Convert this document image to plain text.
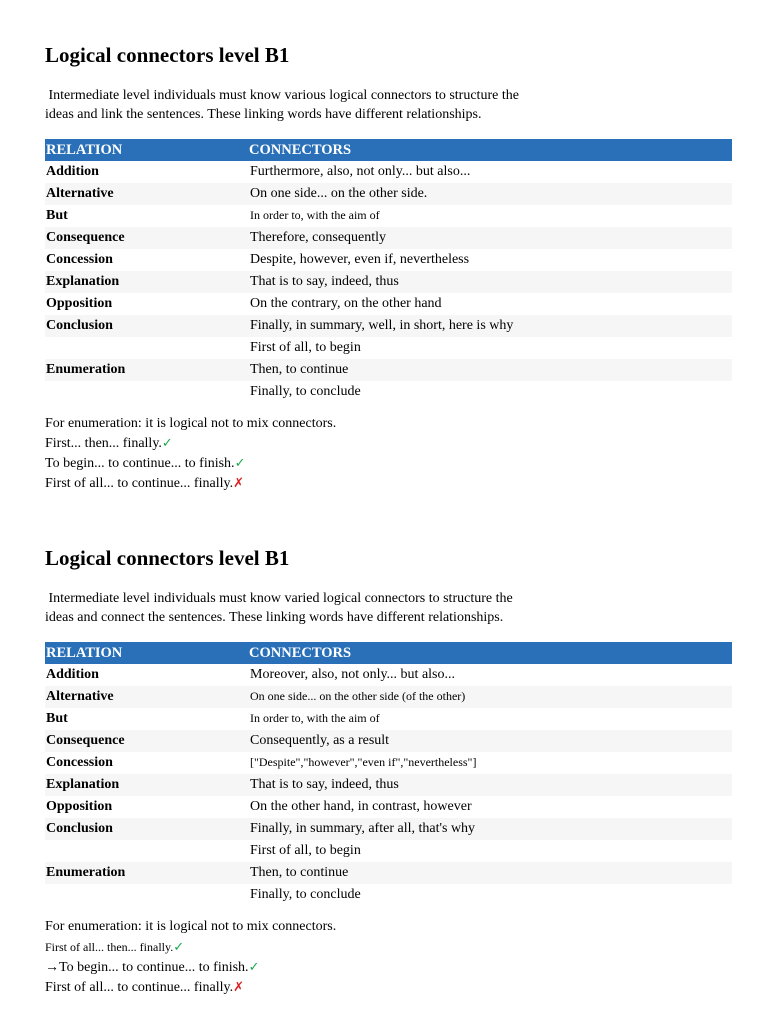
Logical connectors level B1
Intermediate level individuals must know various logical connectors to structure the
ideas and link the sentences. These linking words have different relationships.
RELATION	CONNECTORS
Addition	Furthermore, also, not only... but also...
Alternative	On one side... on the other side.
But	In order to, with the aim of
Consequence	Therefore, consequently
Concession	Despite, however, even if, nevertheless
Explanation	That is to say, indeed, thus
Opposition	On the contrary, on the other hand
Conclusion	Finally, in summary, well, in short, here is why
	First of all, to begin
Enumeration	Then, to continue
	Finally, to conclude
For enumeration: it is logical not to mix connectors.
First... then... finally.✓
To begin... to continue... to finish.✓
First of all... to continue... finally.✗
Logical connectors level B1
Intermediate level individuals must know varied logical connectors to structure the
ideas and connect the sentences. These linking words have different relationships.
RELATION	CONNECTORS
Addition	Moreover, also, not only... but also...
Alternative	On one side... on the other side (of the other)
But	In order to, with the aim of
Consequence	Consequently, as a result
Concession	["Despite","however","even if","nevertheless"]
Explanation	That is to say, indeed, thus
Opposition	On the other hand, in contrast, however
Conclusion	Finally, in summary, after all, that's why
	First of all, to begin
Enumeration	Then, to continue
	Finally, to conclude
For enumeration: it is logical not to mix connectors.
First of all... then... finally.✓
→To begin... to continue... to finish.✓
First of all... to continue... finally.✗
